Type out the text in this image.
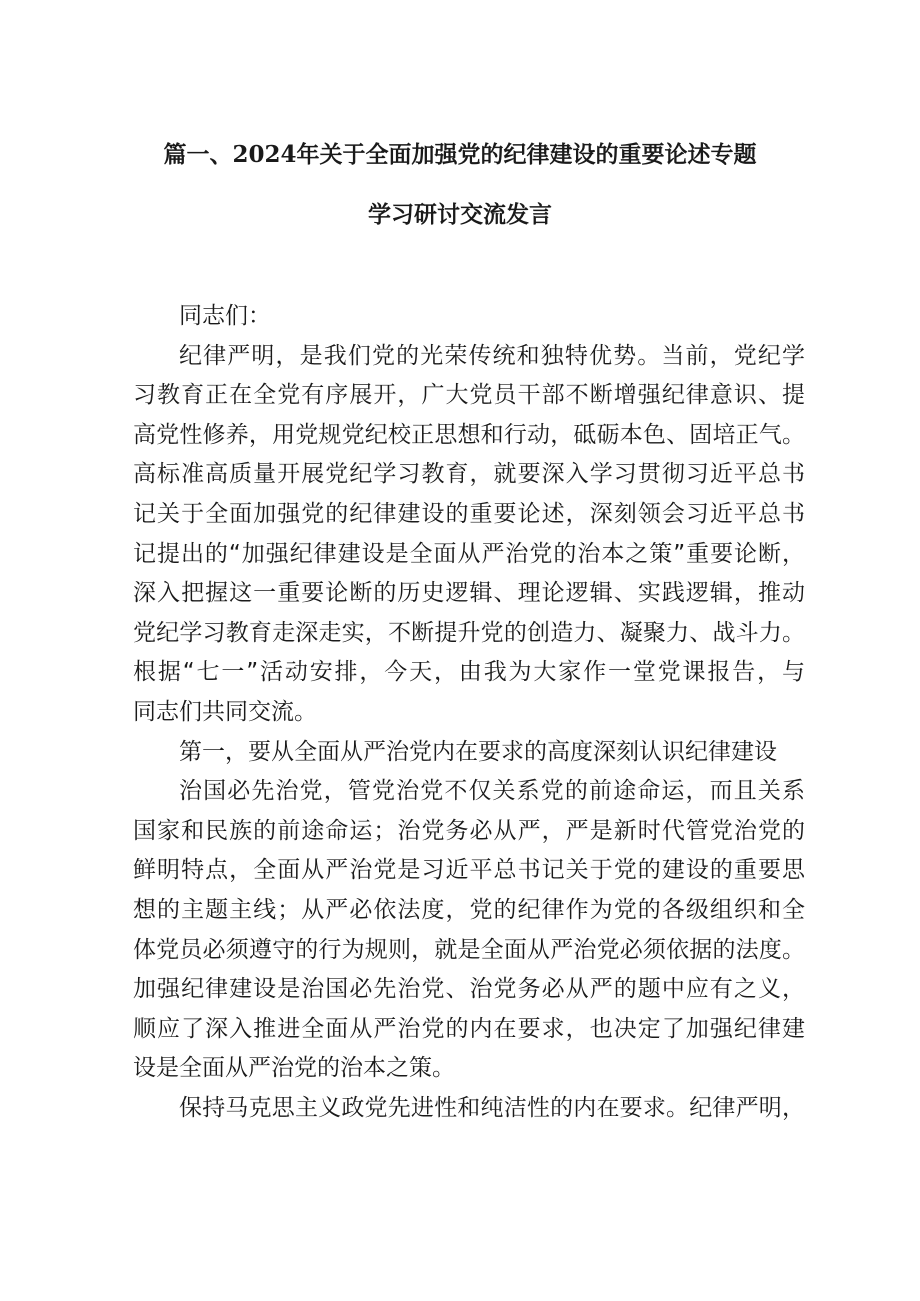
篇一、2024年关于全面加强党的纪律建设的重要论述专题
学习研讨交流发言
同志们：
纪律严明，是我们党的光荣传统和独特优势。当前，党纪学
习教育正在全党有序展开，广大党员干部不断增强纪律意识、提
高党性修养，用党规党纪校正思想和行动，砥砺本色、固培正气。
高标准高质量开展党纪学习教育，就要深入学习贯彻习近平总书
记关于全面加强党的纪律建设的重要论述，深刻领会习近平总书
记提出的“加强纪律建设是全面从严治党的治本之策”重要论断，
深入把握这一重要论断的历史逻辑、理论逻辑、实践逻辑，推动
党纪学习教育走深走实，不断提升党的创造力、凝聚力、战斗力。
根据“七一”活动安排，今天，由我为大家作一堂党课报告，与
同志们共同交流。
第一，要从全面从严治党内在要求的高度深刻认识纪律建设
治国必先治党，管党治党不仅关系党的前途命运，而且关系
国家和民族的前途命运；治党务必从严，严是新时代管党治党的
鲜明特点，全面从严治党是习近平总书记关于党的建设的重要思
想的主题主线；从严必依法度，党的纪律作为党的各级组织和全
体党员必须遵守的行为规则，就是全面从严治党必须依据的法度。
加强纪律建设是治国必先治党、治党务必从严的题中应有之义，
顺应了深入推进全面从严治党的内在要求，也决定了加强纪律建
设是全面从严治党的治本之策。
保持马克思主义政党先进性和纯洁性的内在要求。纪律严明，
